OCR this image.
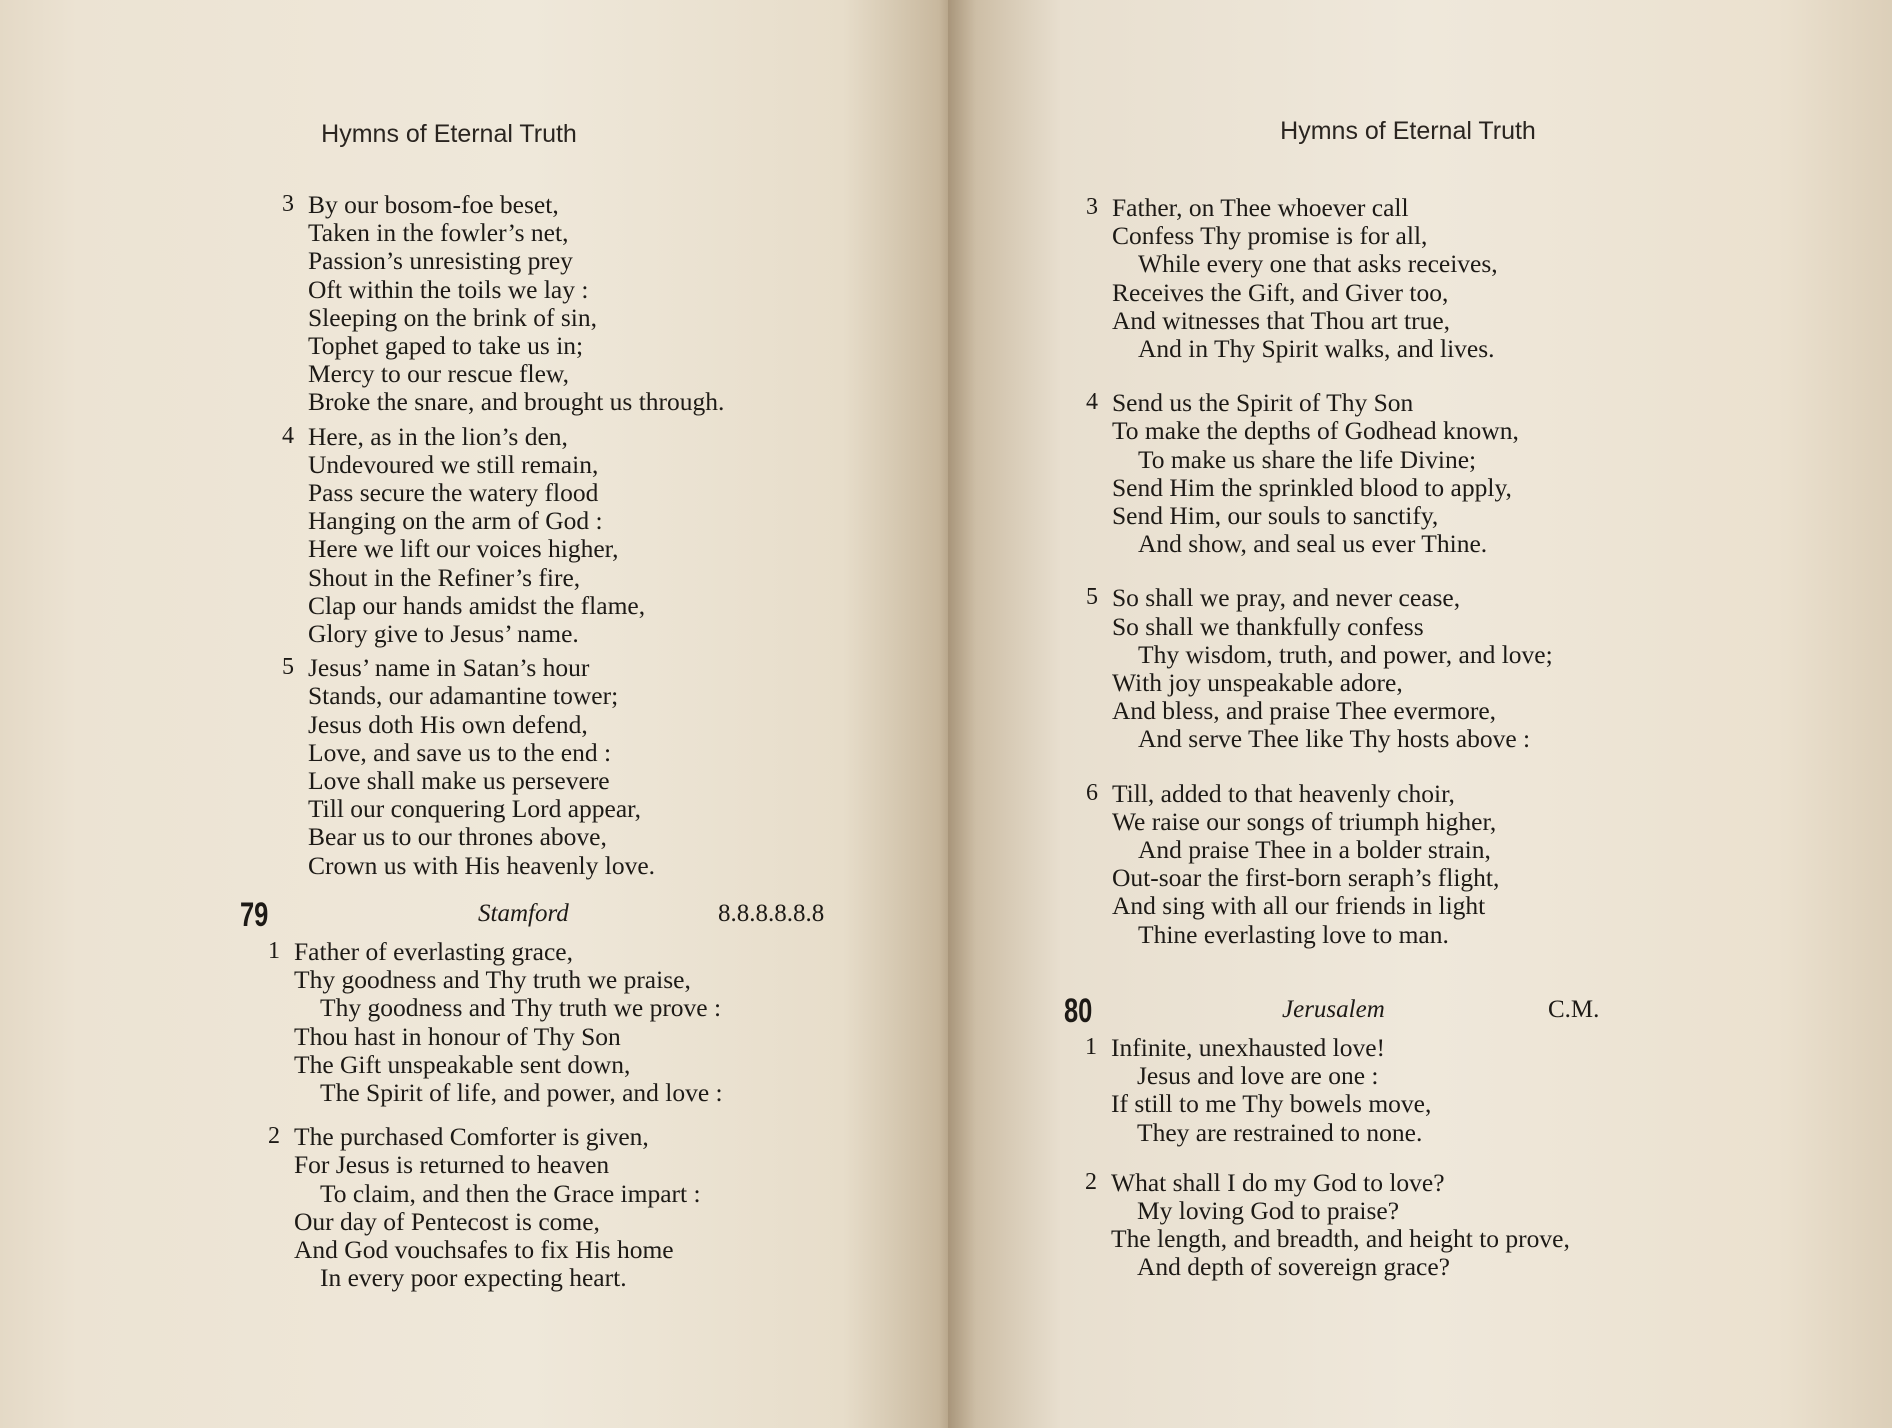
Hymns of Eternal Truth
3 By our bosom-foe beset,
Taken in the fowler’s net,
Passion’s unresisting prey
Oft within the toils we lay :
Sleeping on the brink of sin,
Tophet gaped to take us in;
Mercy to our rescue flew,
Broke the snare, and brought us through.
4 Here, as in the lion’s den,
Undevoured we still remain,
Pass secure the watery flood
Hanging on the arm of God :
Here we lift our voices higher,
Shout in the Refiner’s fire,
Clap our hands amidst the flame,
Glory give to Jesus’ name.
5 Jesus’ name in Satan’s hour
Stands, our adamantine tower;
Jesus doth His own defend,
Love, and save us to the end :
Love shall make us persevere
Till our conquering Lord appear,
Bear us to our thrones above,
Crown us with His heavenly love.
79	Stamford	8.8.8.8.8.8
1 Father of everlasting grace,
Thy goodness and Thy truth we praise,
Thy goodness and Thy truth we prove :
Thou hast in honour of Thy Son
The Gift unspeakable sent down,
The Spirit of life, and power, and love :
2 The purchased Comforter is given,
For Jesus is returned to heaven
To claim, and then the Grace impart :
Our day of Pentecost is come,
And God vouchsafes to fix His home
In every poor expecting heart.
Hymns of Eternal Truth
3 Father, on Thee whoever call
Confess Thy promise is for all,
While every one that asks receives,
Receives the Gift, and Giver too,
And witnesses that Thou art true,
And in Thy Spirit walks, and lives.
4 Send us the Spirit of Thy Son
To make the depths of Godhead known,
To make us share the life Divine;
Send Him the sprinkled blood to apply,
Send Him, our souls to sanctify,
And show, and seal us ever Thine.
5 So shall we pray, and never cease,
So shall we thankfully confess
Thy wisdom, truth, and power, and love;
With joy unspeakable adore,
And bless, and praise Thee evermore,
And serve Thee like Thy hosts above :
6 Till, added to that heavenly choir,
We raise our songs of triumph higher,
And praise Thee in a bolder strain,
Out-soar the first-born seraph’s flight,
And sing with all our friends in light
Thine everlasting love to man.
80	Jerusalem	C.M.
1 Infinite, unexhausted love!
Jesus and love are one :
If still to me Thy bowels move,
They are restrained to none.
2 What shall I do my God to love?
My loving God to praise?
The length, and breadth, and height to prove,
And depth of sovereign grace?
